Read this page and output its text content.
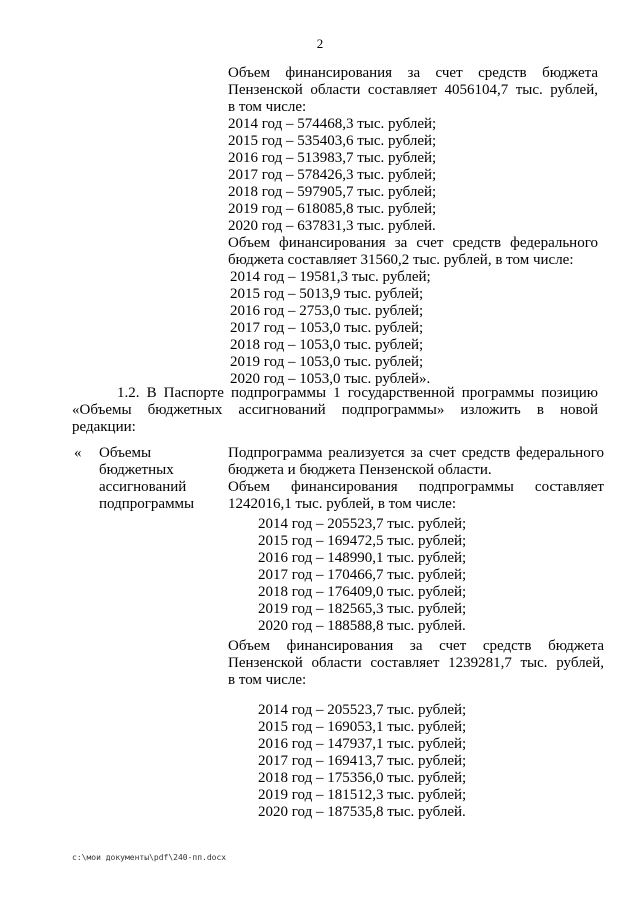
2
Объем финансирования за счет средств бюджета
Пензенской области составляет 4056104,7 тыс. рублей,
в том числе:
2014 год – 574468,3 тыс. рублей;
2015 год – 535403,6 тыс. рублей;
2016 год – 513983,7 тыс. рублей;
2017 год – 578426,3 тыс. рублей;
2018 год – 597905,7 тыс. рублей;
2019 год – 618085,8 тыс. рублей;
2020 год – 637831,3 тыс. рублей.
Объем финансирования за счет средств федерального
бюджета составляет 31560,2 тыс. рублей, в том числе:
2014 год – 19581,3 тыс. рублей;
2015 год – 5013,9 тыс. рублей;
2016 год – 2753,0 тыс. рублей;
2017 год – 1053,0 тыс. рублей;
2018 год – 1053,0 тыс. рублей;
2019 год – 1053,0 тыс. рублей;
2020 год – 1053,0 тыс. рублей».
1.2. В Паспорте подпрограммы 1 государственной программы позицию
«Объемы бюджетных ассигнований подпрограммы» изложить в новой
редакции:
« Объемы
бюджетных
ассигнований
подпрограммы
Подпрограмма реализуется за счет средств федерального
бюджета и бюджета Пензенской области.
Объем финансирования подпрограммы составляет
1242016,1 тыс. рублей, в том числе:
2014 год – 205523,7 тыс. рублей;
2015 год – 169472,5 тыс. рублей;
2016 год – 148990,1 тыс. рублей;
2017 год – 170466,7 тыс. рублей;
2018 год – 176409,0 тыс. рублей;
2019 год – 182565,3 тыс. рублей;
2020 год – 188588,8 тыс. рублей.
Объем финансирования за счет средств бюджета
Пензенской области составляет 1239281,7 тыс. рублей,
в том числе:
2014 год – 205523,7 тыс. рублей;
2015 год – 169053,1 тыс. рублей;
2016 год – 147937,1 тыс. рублей;
2017 год – 169413,7 тыс. рублей;
2018 год – 175356,0 тыс. рублей;
2019 год – 181512,3 тыс. рублей;
2020 год – 187535,8 тыс. рублей.
c:\мои документы\pdf\240-пп.docx
